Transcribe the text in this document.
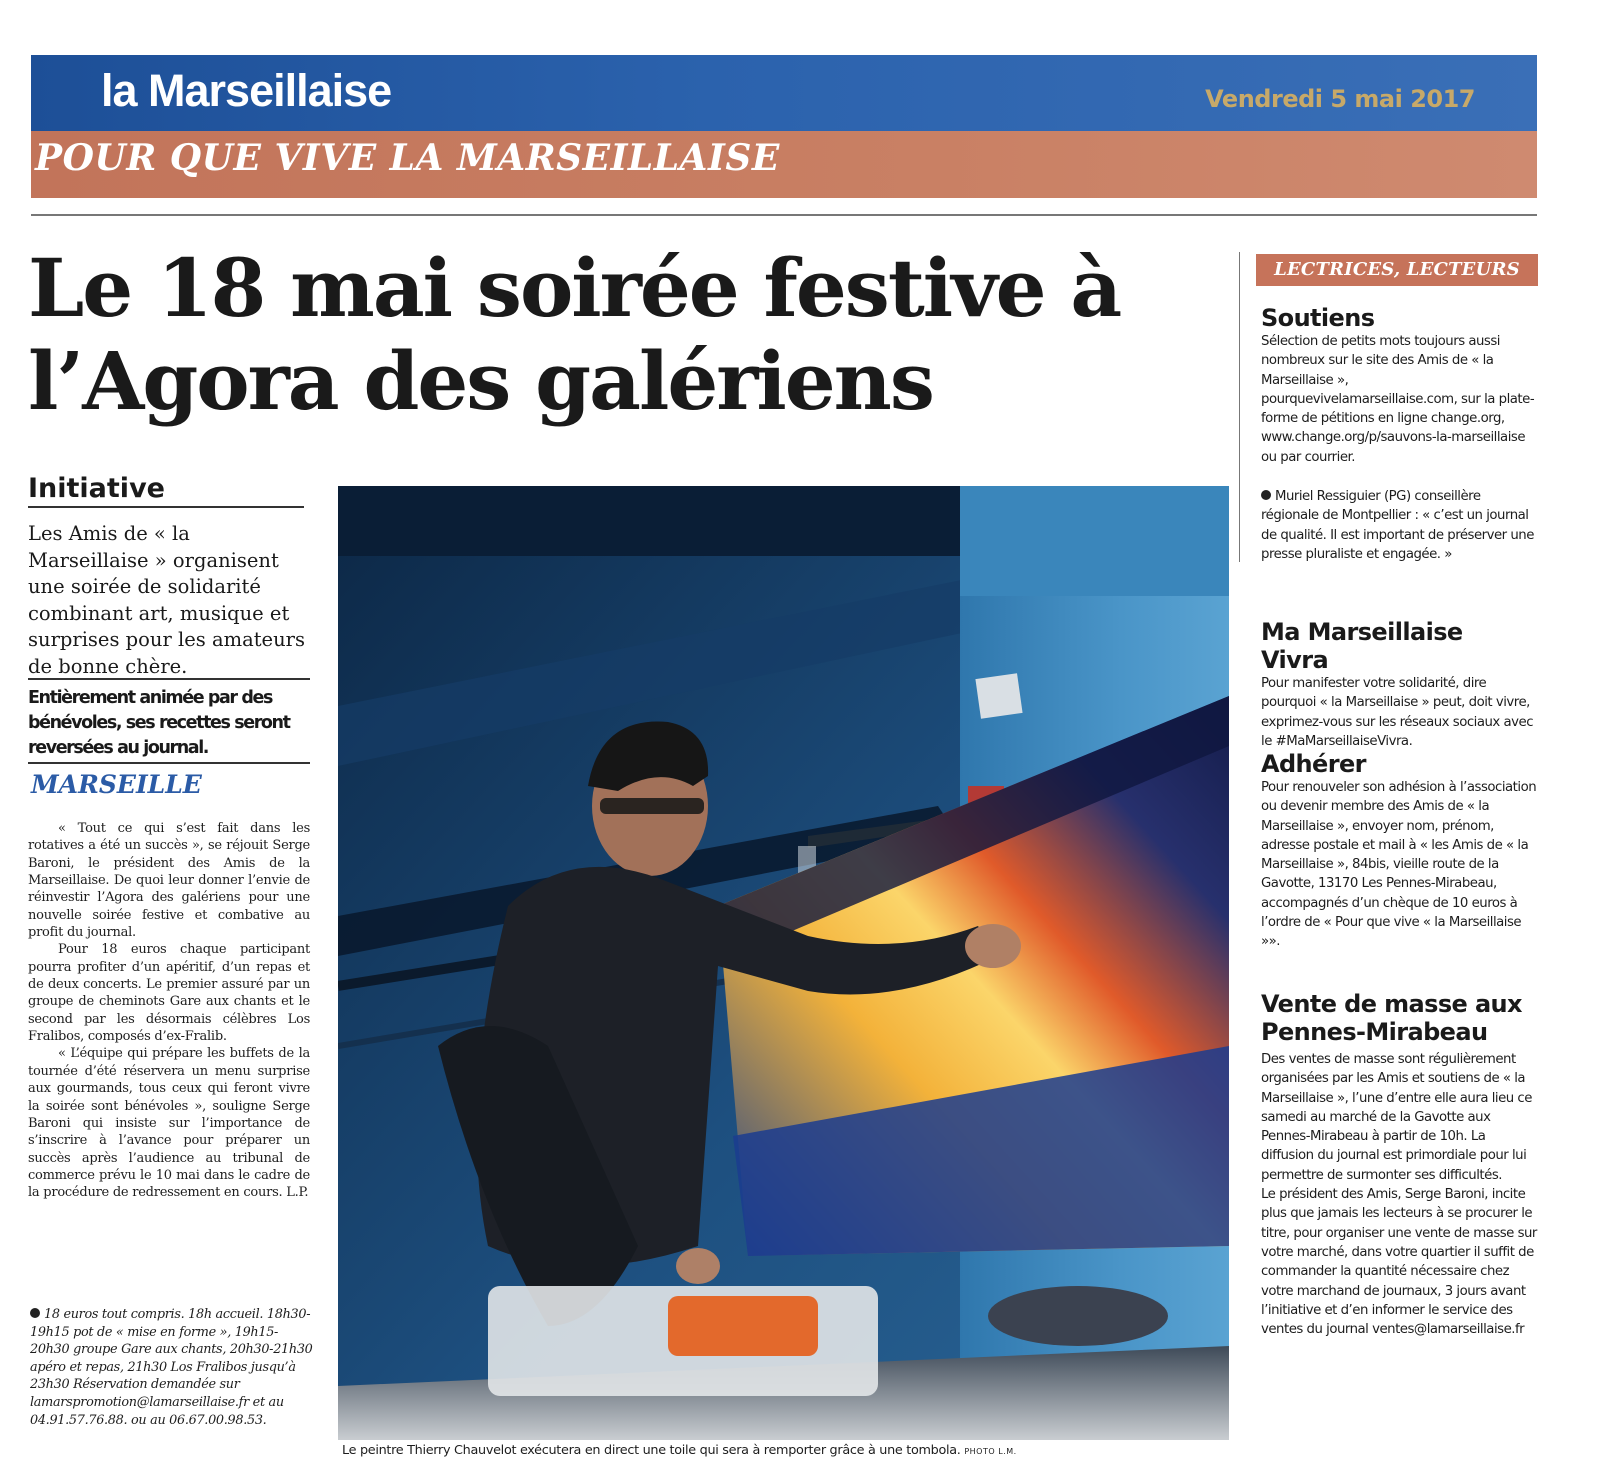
la Marseillaise	Vendredi 5 mai 2017
POUR QUE VIVE LA MARSEILLAISE
Le 18 mai soirée festive à
l’Agora des galériens
Initiative
Les Amis de « la Marseillaise » organisent une soirée de solidarité combinant art, musique et surprises pour les amateurs de bonne chère.
Entièrement animée par des bénévoles, ses recettes seront reversées au journal.
MARSEILLE

« Tout ce qui s’est fait dans les rotatives a été un succès », se réjouit Serge Baroni, le président des Amis de la Marseillaise. De quoi leur donner l’envie de réinvestir l’Agora des galériens pour une nouvelle soirée festive et combative au profit du journal.

Pour 18 euros chaque participant pourra profiter d’un apéritif, d’un repas et de deux concerts. Le premier assuré par un groupe de cheminots Gare aux chants et le second par les désormais célèbres Los Fralibos, composés d’ex-Fralib.

« L’équipe qui prépare les buffets de la tournée d’été réservera un menu surprise aux gourmands, tous ceux qui feront vivre la soirée sont bénévoles », souligne Serge Baroni qui insiste sur l’importance de s’inscrire à l’avance pour préparer un succès après l’audience au tribunal de commerce prévu le 10 mai dans le cadre de la procédure de redressement en cours. L.P.

18 euros tout compris. 18h accueil. 18h30-19h15 pot de « mise en forme », 19h15-20h30 groupe Gare aux chants, 20h30-21h30 apéro et repas, 21h30 Los Fralibos jusqu’à 23h30 Réservation demandée sur lamarspromotion@lamarseillaise.fr et au 04.91.57.76.88. ou au 06.67.00.98.53.
Le peintre Thierry Chauvelot exécutera en direct une toile qui sera à remporter grâce à une tombola. PHOTO L.M.
LECTRICES, LECTEURS
Soutiens
Sélection de petits mots toujours aussi nombreux sur le site des Amis de « la Marseillaise », pourquevivelamarseillaise.com, sur la plate-forme de pétitions en ligne change.org, www.change.org/p/sauvons-la-marseillaise ou par courrier.
Muriel Ressiguier (PG) conseillère régionale de Montpellier : « c’est un journal de qualité. Il est important de préserver une presse pluraliste et engagée. »
Ma Marseillaise Vivra
Pour manifester votre solidarité, dire pourquoi « la Marseillaise » peut, doit vivre, exprimez-vous sur les réseaux sociaux avec le #MaMarseillaiseVivra.
Adhérer
Pour renouveler son adhésion à l’association ou devenir membre des Amis de « la Marseillaise », envoyer nom, prénom, adresse postale et mail à « les Amis de « la Marseillaise », 84bis, vieille route de la Gavotte, 13170 Les Pennes-Mirabeau, accompagnés d’un chèque de 10 euros à l’ordre de « Pour que vive « la Marseillaise »».
Vente de masse aux Pennes-Mirabeau
Des ventes de masse sont régulièrement organisées par les Amis et soutiens de « la Marseillaise », l’une d’entre elle aura lieu ce samedi au marché de la Gavotte aux Pennes-Mirabeau à partir de 10h. La diffusion du journal est primordiale pour lui permettre de surmonter ses difficultés.
Le président des Amis, Serge Baroni, incite plus que jamais les lecteurs à se procurer le titre, pour organiser une vente de masse sur votre marché, dans votre quartier il suffit de commander la quantité nécessaire chez votre marchand de journaux, 3 jours avant l’initiative et d’en informer le service des ventes du journal ventes@lamarseillaise.fr
